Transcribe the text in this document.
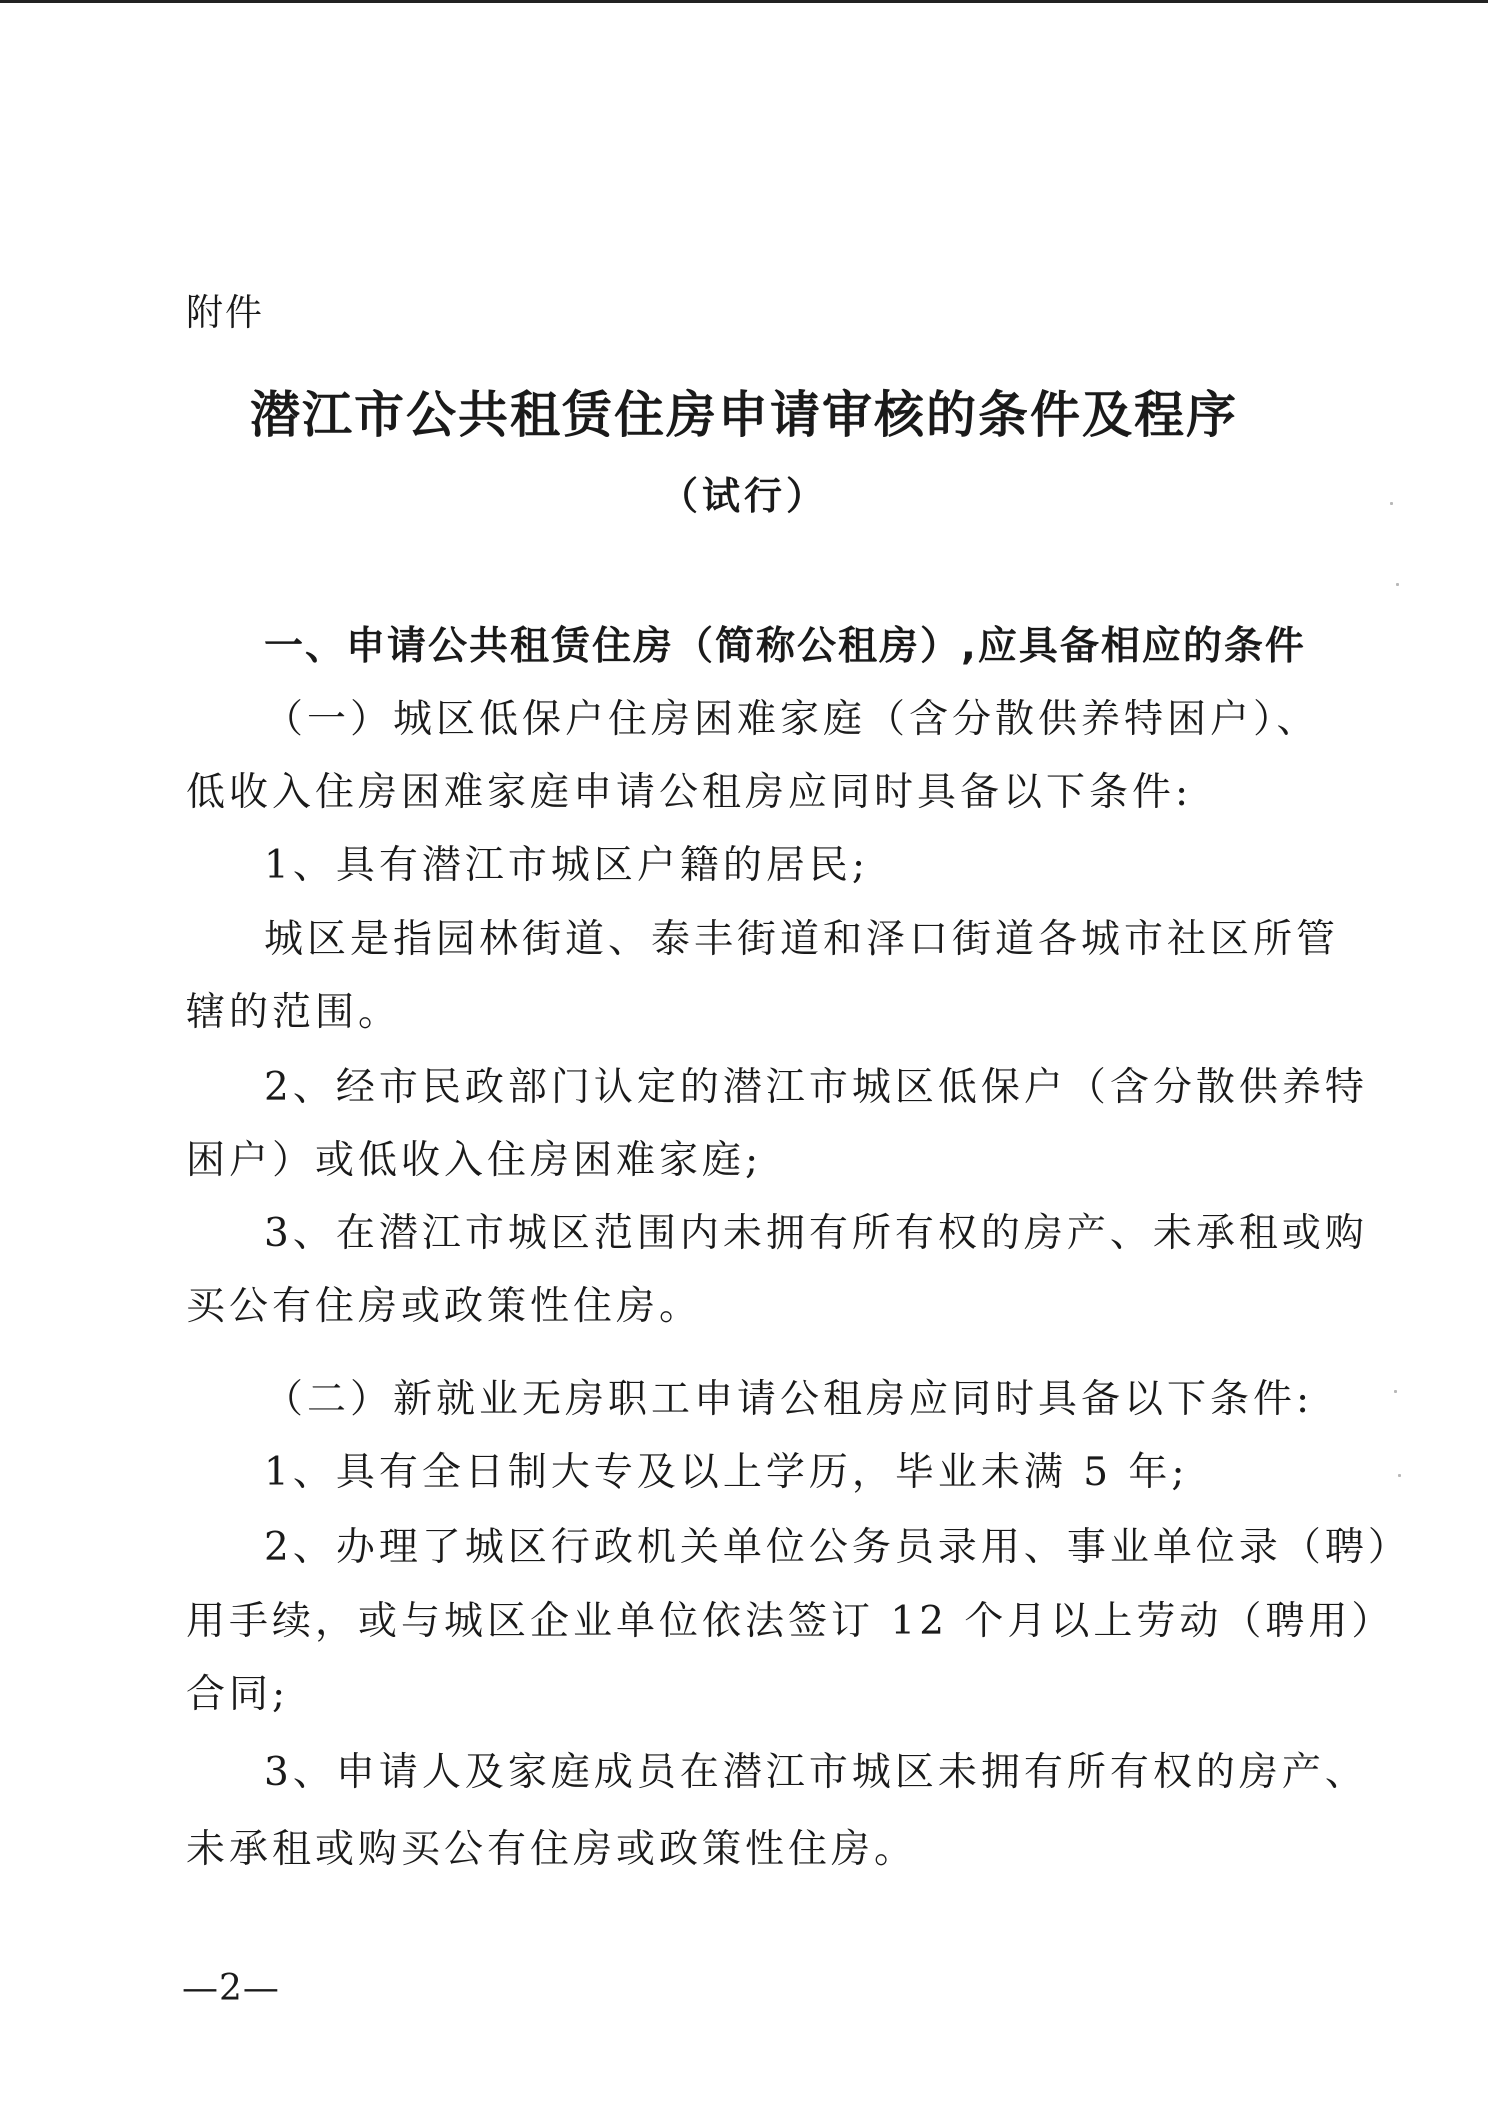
附件
潜江市公共租赁住房申请审核的条件及程序
（试行）
一、申请公共租赁住房（简称公租房）,应具备相应的条件
（一）城区低保户住房困难家庭（含分散供养特困户）、
低收入住房困难家庭申请公租房应同时具备以下条件:
1、具有潜江市城区户籍的居民;
城区是指园林街道、泰丰街道和泽口街道各城市社区所管
辖的范围。
2、经市民政部门认定的潜江市城区低保户（含分散供养特
困户）或低收入住房困难家庭;
3、在潜江市城区范围内未拥有所有权的房产、未承租或购
买公有住房或政策性住房。
（二）新就业无房职工申请公租房应同时具备以下条件:
1、具有全日制大专及以上学历，毕业未满 5 年;
2、办理了城区行政机关单位公务员录用、事业单位录（聘）
用手续，或与城区企业单位依法签订 12 个月以上劳动（聘用）
合同;
3、申请人及家庭成员在潜江市城区未拥有所有权的房产、
未承租或购买公有住房或政策性住房。
—2—
